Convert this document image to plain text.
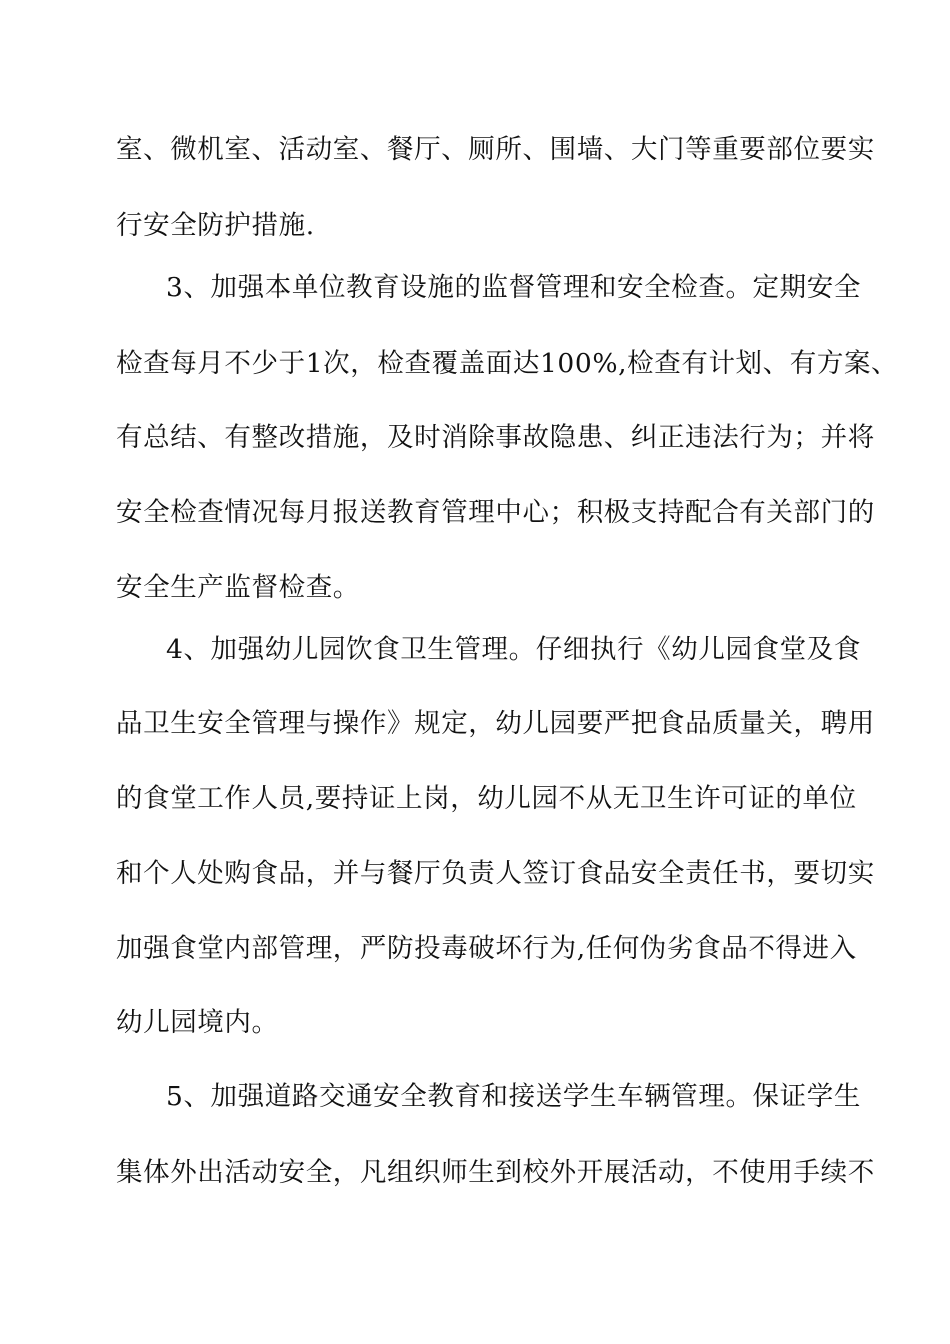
室、微机室、活动室、餐厅、厕所、围墙、大门等重要部位要实
行安全防护措施.
3、加强本单位教育设施的监督管理和安全检查。定期安全
检查每月不少于1次，检查覆盖面达100%,检查有计划、有方案、
有总结、有整改措施，及时消除事故隐患、纠正违法行为；并将
安全检查情况每月报送教育管理中心；积极支持配合有关部门的
安全生产监督检查。
4、加强幼儿园饮食卫生管理。仔细执行《幼儿园食堂及食
品卫生安全管理与操作》规定，幼儿园要严把食品质量关，聘用
的食堂工作人员,要持证上岗，幼儿园不从无卫生许可证的单位
和个人处购食品，并与餐厅负责人签订食品安全责任书，要切实
加强食堂内部管理，严防投毒破坏行为,任何伪劣食品不得进入
幼儿园境内。
5、加强道路交通安全教育和接送学生车辆管理。保证学生
集体外出活动安全，凡组织师生到校外开展活动，不使用手续不
